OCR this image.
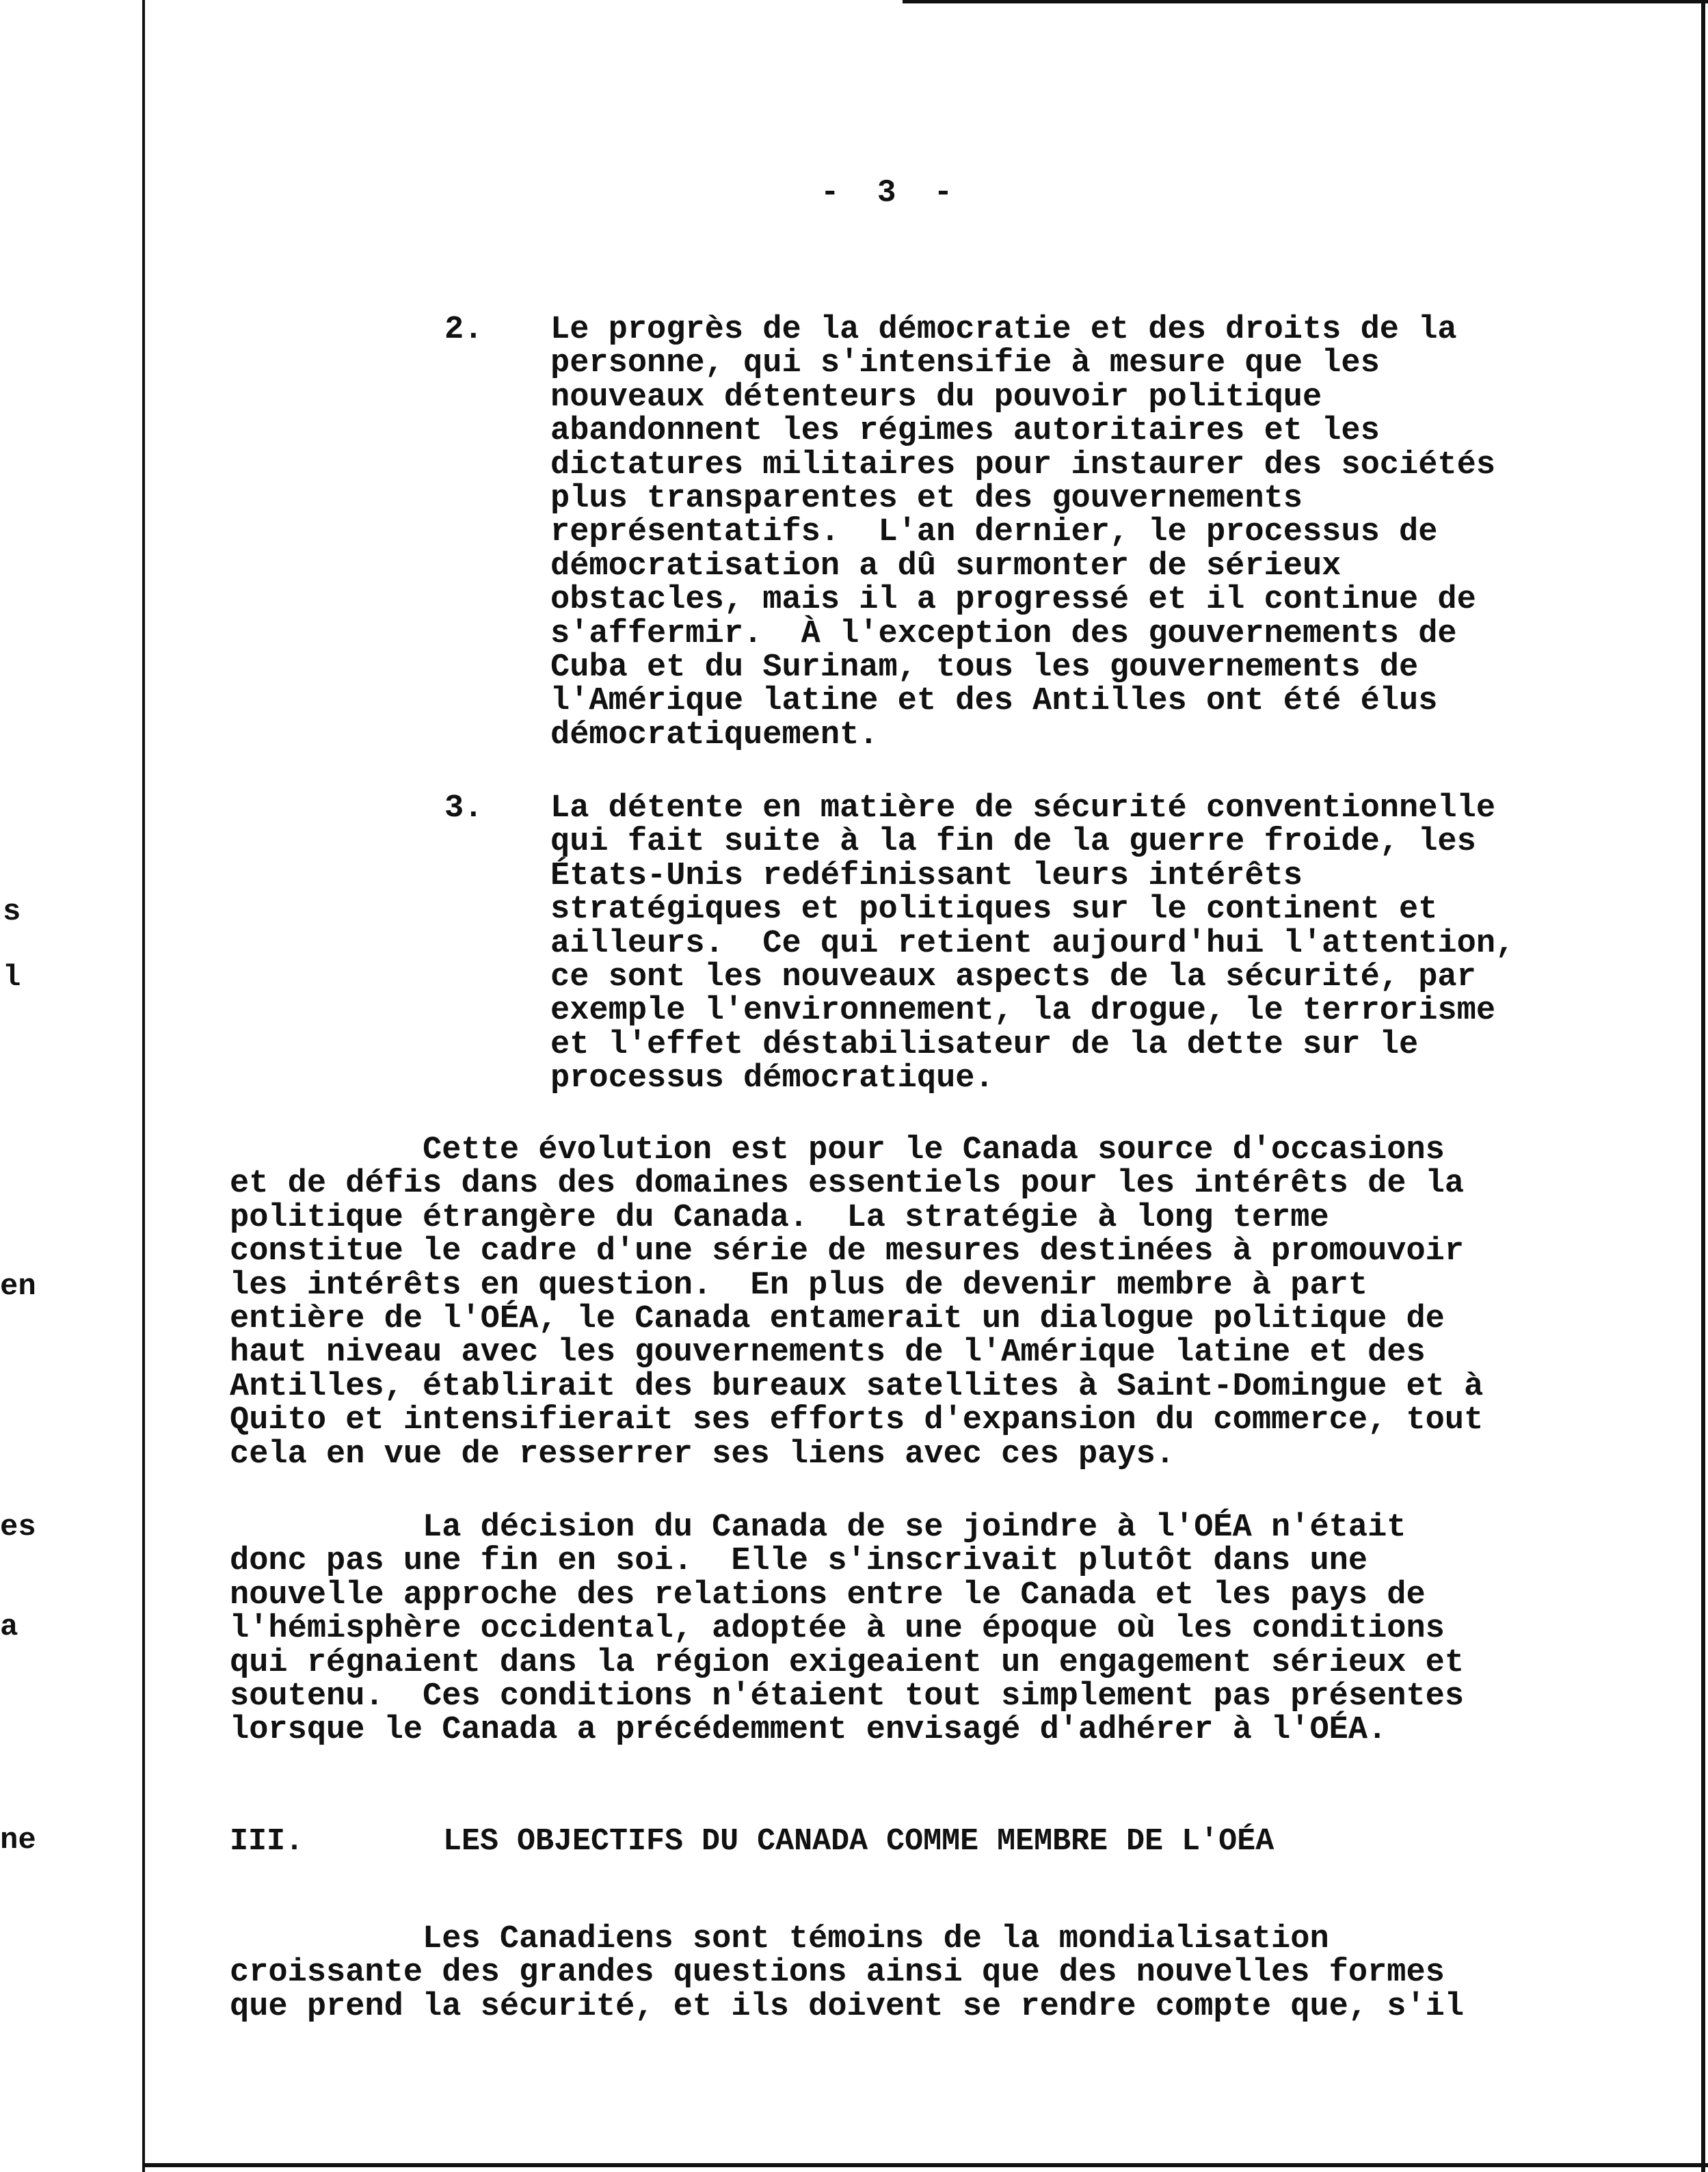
s
l
en
es
a
ne
-  3  -
2. Le progrès de la démocratie et des droits de la
personne, qui s'intensifie à mesure que les
nouveaux détenteurs du pouvoir politique
abandonnent les régimes autoritaires et les
dictatures militaires pour instaurer des sociétés
plus transparentes et des gouvernements
représentatifs.  L'an dernier, le processus de
démocratisation a dû surmonter de sérieux
obstacles, mais il a progressé et il continue de
s'affermir.  À l'exception des gouvernements de
Cuba et du Surinam, tous les gouvernements de
l'Amérique latine et des Antilles ont été élus
démocratiquement.
3. La détente en matière de sécurité conventionnelle
qui fait suite à la fin de la guerre froide, les
États-Unis redéfinissant leurs intérêts
stratégiques et politiques sur le continent et
ailleurs.  Ce qui retient aujourd'hui l'attention,
ce sont les nouveaux aspects de la sécurité, par
exemple l'environnement, la drogue, le terrorisme
et l'effet déstabilisateur de la dette sur le
processus démocratique.
Cette évolution est pour le Canada source d'occasions
et de défis dans des domaines essentiels pour les intérêts de la
politique étrangère du Canada.  La stratégie à long terme
constitue le cadre d'une série de mesures destinées à promouvoir
les intérêts en question.  En plus de devenir membre à part
entière de l'OÉA, le Canada entamerait un dialogue politique de
haut niveau avec les gouvernements de l'Amérique latine et des
Antilles, établirait des bureaux satellites à Saint-Domingue et à
Quito et intensifierait ses efforts d'expansion du commerce, tout
cela en vue de resserrer ses liens avec ces pays.
La décision du Canada de se joindre à l'OÉA n'était
donc pas une fin en soi.  Elle s'inscrivait plutôt dans une
nouvelle approche des relations entre le Canada et les pays de
l'hémisphère occidental, adoptée à une époque où les conditions
qui régnaient dans la région exigeaient un engagement sérieux et
soutenu.  Ces conditions n'étaient tout simplement pas présentes
lorsque le Canada a précédemment envisagé d'adhérer à l'OÉA.

III.

	LES OBJECTIFS DU CANADA COMME MEMBRE DE L'OÉA

Les Canadiens sont témoins de la mondialisation
croissante des grandes questions ainsi que des nouvelles formes
que prend la sécurité, et ils doivent se rendre compte que, s'il
